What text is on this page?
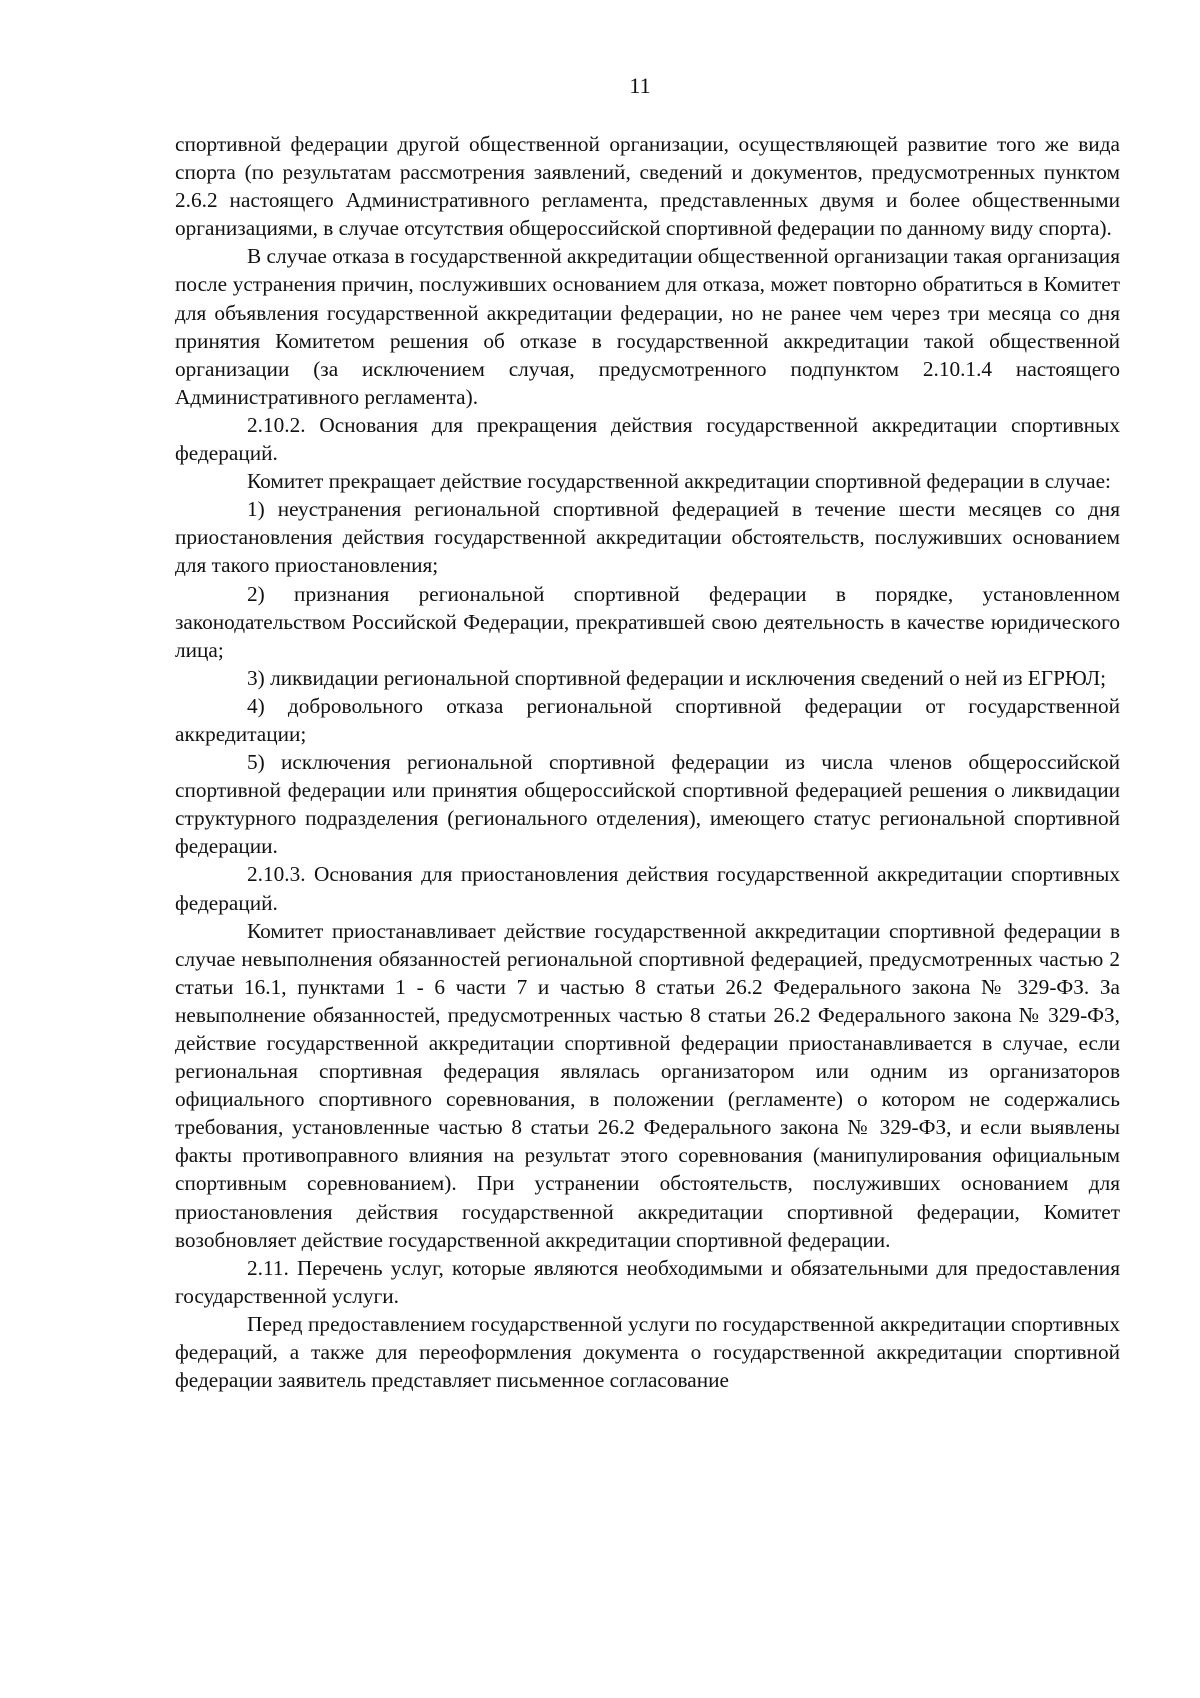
11

спортивной федерации другой общественной организации, осуществляющей развитие того же вида спорта (по результатам рассмотрения заявлений, сведений и документов, предусмотренных пунктом 2.6.2 настоящего Административного регламента, представленных двумя и более общественными организациями, в случае отсутствия общероссийской спортивной федерации по данному виду спорта).

В случае отказа в государственной аккредитации общественной организации такая организация после устранения причин, послуживших основанием для отказа, может повторно обратиться в Комитет для объявления государственной аккредитации федерации, но не ранее чем через три месяца со дня принятия Комитетом решения об отказе в государственной аккредитации такой общественной организации (за исключением случая, предусмотренного подпунктом 2.10.1.4 настоящего Административного регламента).

2.10.2. Основания для прекращения действия государственной аккредитации спортивных федераций.

Комитет прекращает действие государственной аккредитации спортивной федерации в случае:

1) неустранения региональной спортивной федерацией в течение шести месяцев со дня приостановления действия государственной аккредитации обстоятельств, послуживших основанием для такого приостановления;

2) признания региональной спортивной федерации в порядке, установленном законодательством Российской Федерации, прекратившей свою деятельность в качестве юридического лица;

3) ликвидации региональной спортивной федерации и исключения сведений о ней из ЕГРЮЛ;

4) добровольного отказа региональной спортивной федерации от государственной аккредитации;

5) исключения региональной спортивной федерации из числа членов общероссийской спортивной федерации или принятия общероссийской спортивной федерацией решения о ликвидации структурного подразделения (регионального отделения), имеющего статус региональной спортивной федерации.

2.10.3. Основания для приостановления действия государственной аккредитации спортивных федераций.

Комитет приостанавливает действие государственной аккредитации спортивной федерации в случае невыполнения обязанностей региональной спортивной федерацией, предусмотренных частью 2 статьи 16.1, пунктами 1 - 6 части 7 и частью 8 статьи 26.2 Федерального закона № 329-ФЗ. За невыполнение обязанностей, предусмотренных частью 8 статьи 26.2 Федерального закона № 329-ФЗ, действие государственной аккредитации спортивной федерации приостанавливается в случае, если региональная спортивная федерация являлась организатором или одним из организаторов официального спортивного соревнования, в положении (регламенте) о котором не содержались требования, установленные частью 8 статьи 26.2 Федерального закона № 329-ФЗ, и если выявлены факты противоправного влияния на результат этого соревнования (манипулирования официальным спортивным соревнованием). При устранении обстоятельств, послуживших основанием для приостановления действия государственной аккредитации спортивной федерации, Комитет возобновляет действие государственной аккредитации спортивной федерации.

2.11. Перечень услуг, которые являются необходимыми и обязательными для предоставления государственной услуги.

Перед предоставлением государственной услуги по государственной аккредитации спортивных федераций, а также для переоформления документа о государственной аккредитации спортивной федерации заявитель представляет письменное согласование
